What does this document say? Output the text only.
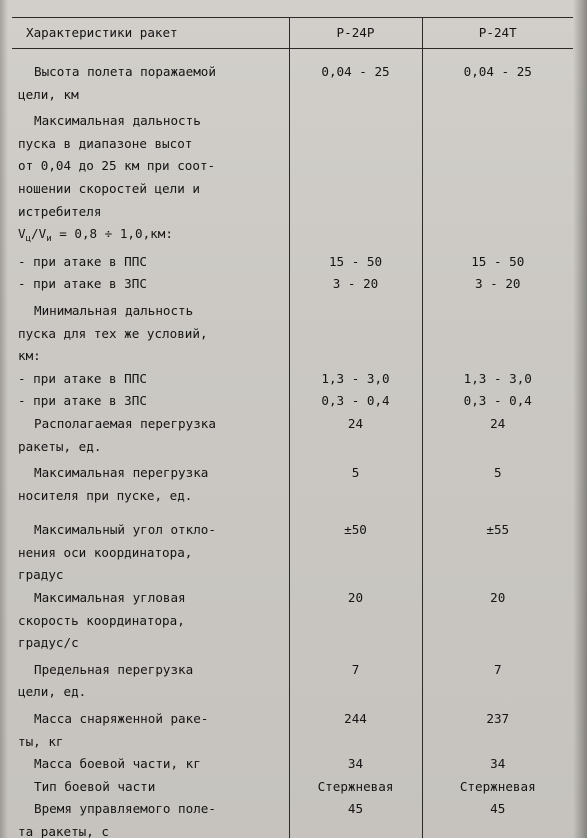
Характеристики ракет	Р-24Р	Р-24Т
Высота полета поражаемой	0,04 - 25	0,04 - 25
цели, км		
Максимальная дальность		
пуска в диапазоне высот		
от 0,04 до 25 км при соот-		
ношении скоростей цели и		
истребителя		
$V_ц/V_и = 0,8 \div 1,0,км$:		
- при атаке в ППС	15 - 50	15 - 50
- при атаке в ЗПС	3 - 20	3 - 20
Минимальная дальность		
пуска для тех же условий,		
км:		
- при атаке в ППС	1,3 - 3,0	1,3 - 3,0
- при атаке в ЗПС	0,3 - 0,4	0,3 - 0,4
Располагаемая перегрузка	24	24
ракеты, ед.		
Максимальная перегрузка	5	5
носителя при пуске, ед.		
Максимальный угол откло-	±50	±55
нения оси координатора,		
градус		
Максимальная угловая	20	20
скорость координатора,		
градус/с		
Предельная перегрузка	7	7
цели, ед.		
Масса снаряженной раке-	244	237
ты, кг		
Масса боевой части, кг	34	34
Тип боевой части	Стержневая	Стержневая
Время управляемого поле-	45	45
та ракеты, с		
